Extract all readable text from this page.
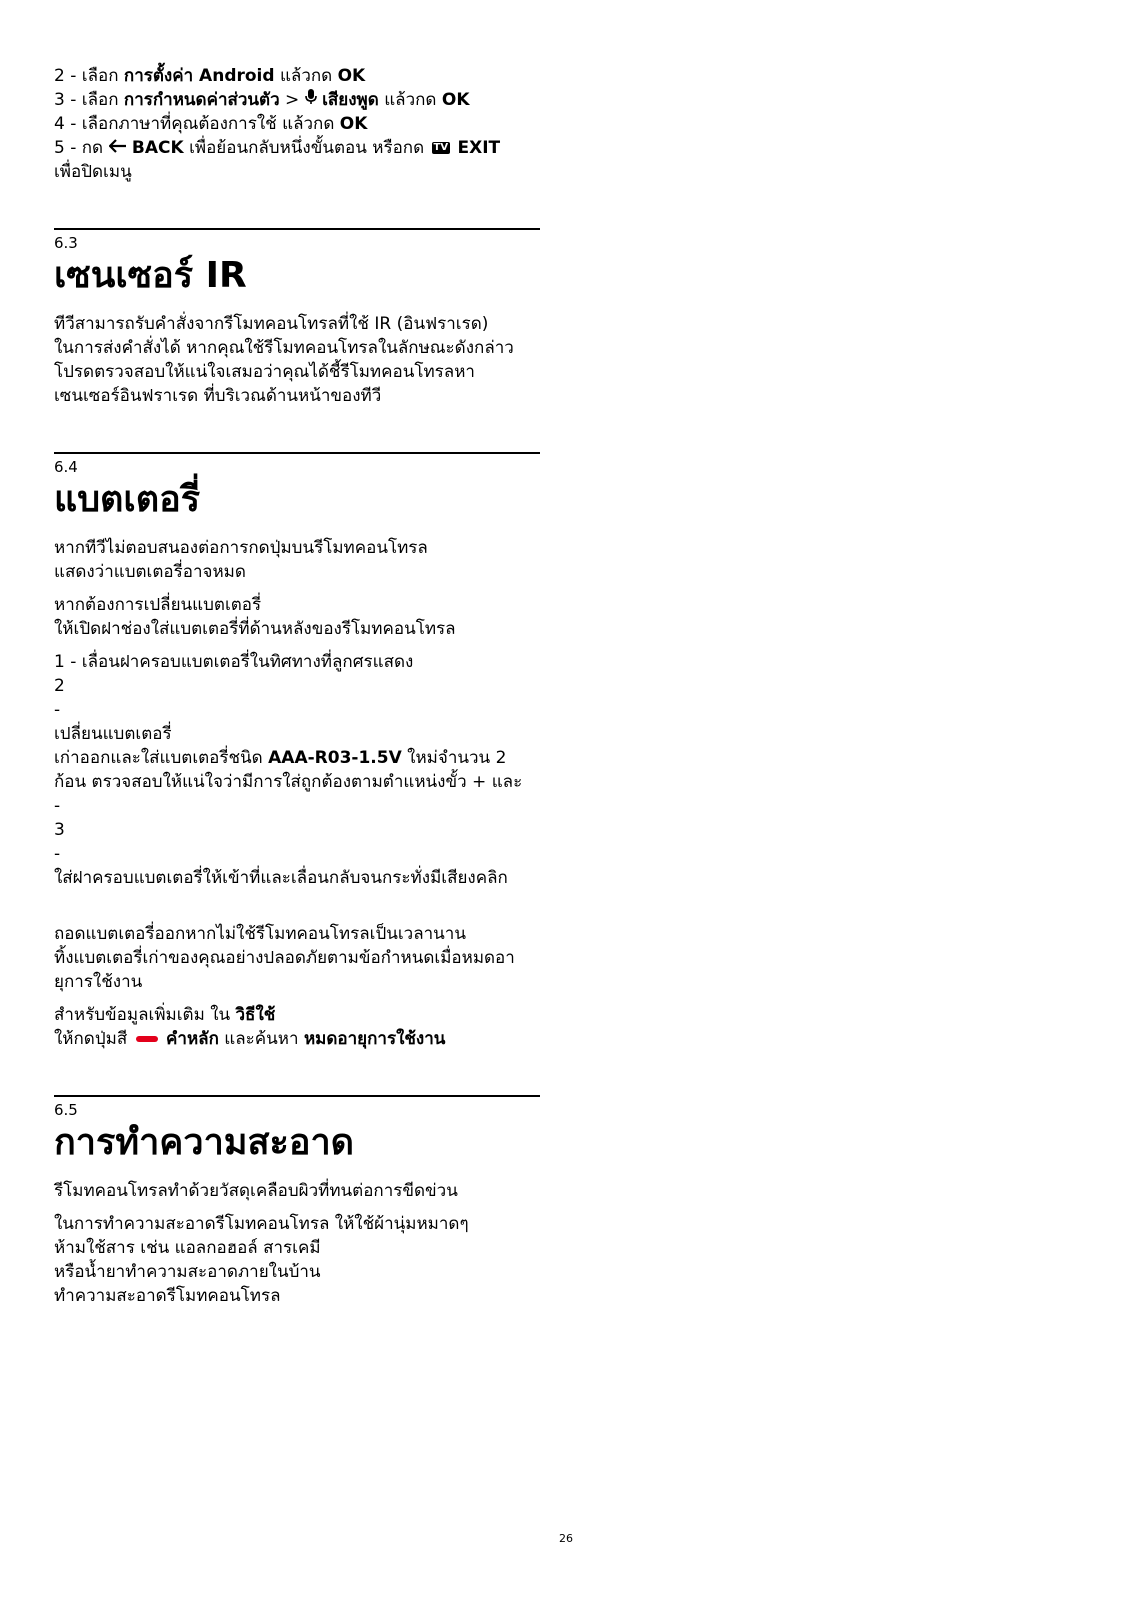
2 - เลือก การตั้งค่า Android แล้วกด OK

3 - เลือก การกำหนดค่าส่วนตัว >  เสียงพูด แล้วกด OK

4 - เลือกภาษาที่คุณต้องการใช้ แล้วกด OK

5 - กด  BACK เพื่อย้อนกลับหนึ่งขั้นตอน หรือกด TV EXIT

เพื่อปิดเมนู

6.3
เซนเซอร์ IR

ทีวีสามารถรับคำสั่งจากรีโมทคอนโทรลที่ใช้ IR (อินฟราเรด)

ในการส่งคำสั่งได้ หากคุณใช้รีโมทคอนโทรลในลักษณะดังกล่าว

โปรดตรวจสอบให้แน่ใจเสมอว่าคุณได้ชี้รีโมทคอนโทรลหา

เซนเซอร์อินฟราเรด ที่บริเวณด้านหน้าของทีวี

6.4
แบตเตอรี่

หากทีวีไม่ตอบสนองต่อการกดปุ่มบนรีโมทคอนโทรล

แสดงว่าแบตเตอรี่อาจหมด

หากต้องการเปลี่ยนแบตเตอรี่

ให้เปิดฝาช่องใส่แบตเตอรี่ที่ด้านหลังของรีโมทคอนโทรล

1 - เลื่อนฝาครอบแบตเตอรี่ในทิศทางที่ลูกศรแสดง

2

-

เปลี่ยนแบตเตอรี่

เก่าออกและใส่แบตเตอรี่ชนิด AAA-R03-1.5V ใหม่จำนวน 2

ก้อน ตรวจสอบให้แน่ใจว่ามีการใส่ถูกต้องตามตำแหน่งขั้ว + และ

-

3

-

ใส่ฝาครอบแบตเตอรี่ให้เข้าที่และเลื่อนกลับจนกระทั่งมีเสียงคลิก

ถอดแบตเตอรี่ออกหากไม่ใช้รีโมทคอนโทรลเป็นเวลานาน

ทิ้งแบตเตอรี่เก่าของคุณอย่างปลอดภัยตามข้อกำหนดเมื่อหมดอา

ยุการใช้งาน

สำหรับข้อมูลเพิ่มเติม ใน วิธีใช้

ให้กดปุ่มสี  คำหลัก และค้นหา หมดอายุการใช้งาน

6.5
การทำความสะอาด

รีโมทคอนโทรลทำด้วยวัสดุเคลือบผิวที่ทนต่อการขีดข่วน

ในการทำความสะอาดรีโมทคอนโทรล ให้ใช้ผ้านุ่มหมาดๆ

ห้ามใช้สาร เช่น แอลกอฮอล์ สารเคมี

หรือน้ำยาทำความสะอาดภายในบ้าน

ทำความสะอาดรีโมทคอนโทรล

26
